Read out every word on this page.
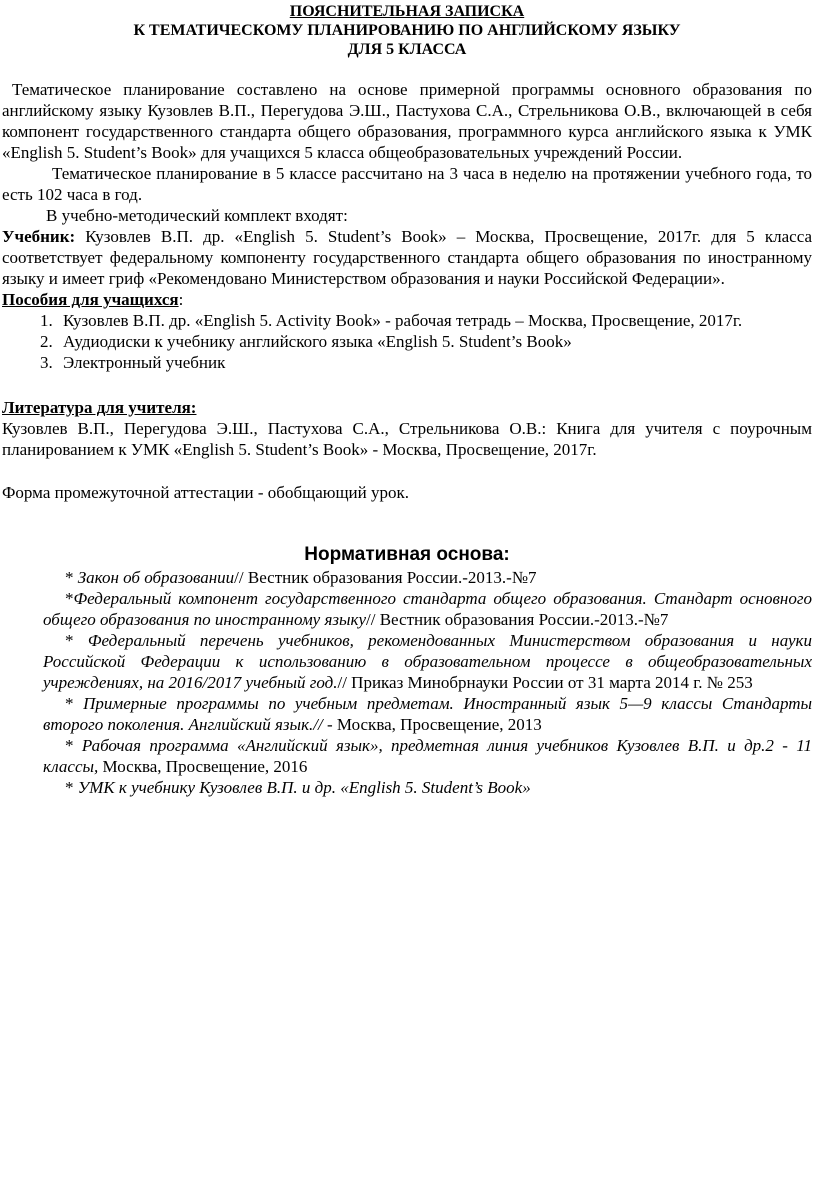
ПОЯСНИТЕЛЬНАЯ ЗАПИСКА
К ТЕМАТИЧЕСКОМУ ПЛАНИРОВАНИЮ ПО АНГЛИЙСКОМУ ЯЗЫКУ
ДЛЯ 5 КЛАССА

Тематическое планирование составлено на основе примерной программы основного образования по английскому языку Кузовлев В.П., Перегудова Э.Ш., Пастухова С.А., Стрельникова О.В., включающей в себя компонент государственного стандарта общего образования, программного курса английского языка к УМК «English 5. Student’s Book» для учащихся 5 класса общеобразовательных учреждений России.

Тематическое планирование в 5 классе рассчитано на 3 часа в неделю на протяжении учебного года, то есть 102 часа в год.

В учебно-методический комплект входят:

Учебник: Кузовлев В.П. др. «English 5. Student’s Book» – Москва, Просвещение, 2017г. для 5 класса соответствует федеральному компоненту государственного стандарта общего образования по иностранному языку и имеет гриф «Рекомендовано Министерством образования и науки Российской Федерации».

Пособия для учащихся:

1. Кузовлев В.П. др. «English 5. Activity Book» - рабочая тетрадь – Москва, Просвещение, 2017г.
2. Аудиодиски к учебнику английского языка «English 5. Student’s Book»
3. Электронный учебник

Литература для учителя:

Кузовлев В.П., Перегудова Э.Ш., Пастухова С.А., Стрельникова О.В.: Книга для учителя с поурочным планированием к УМК «English 5. Student’s Book» - Москва, Просвещение, 2017г.

Форма промежуточной аттестации - обобщающий урок.

Нормативная основа:

* Закон об образовании// Вестник образования России.-2013.-№7

*Федеральный компонент государственного стандарта общего образования. Стандарт основного общего образования по иностранному языку// Вестник образования России.-2013.-№7

* Федеральный перечень учебников, рекомендованных Министерством образования и науки Российской Федерации к использованию в образовательном процессе в общеобразовательных учреждениях, на 2016/2017 учебный год.// Приказ Минобрнауки России от 31 марта 2014 г. № 253

* Примерные программы по учебным предметам. Иностранный язык 5—9 классы Стандарты второго поколения. Английский язык.// - Москва, Просвещение, 2013

* Рабочая программа «Английский язык», предметная линия учебников Кузовлев В.П. и др.2 - 11 классы, Москва, Просвещение, 2016

* УМК к учебнику Кузовлев В.П. и др. «English 5. Student’s Book»
